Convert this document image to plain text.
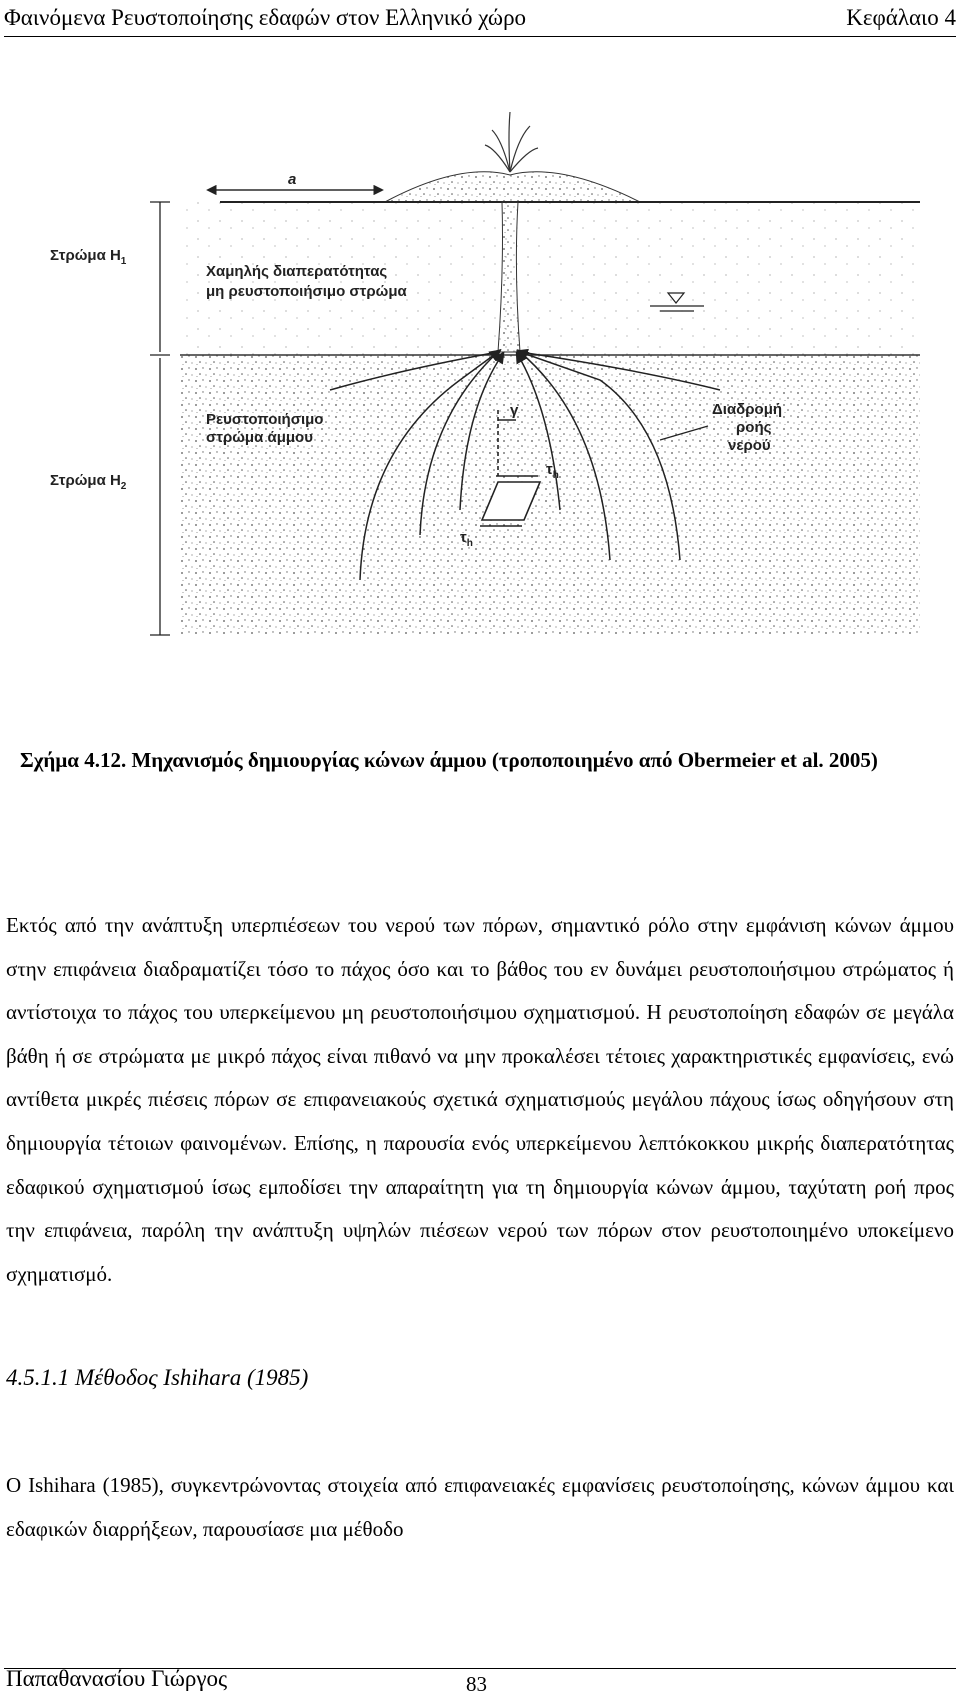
Φαινόμενα Ρευστοποίησης εδαφών στον Ελληνικό χώρο	Κεφάλαιο 4
a
Στρώμα $H_1$
Στρώμα $H_2$
Χαμηλής διαπερατότητας
μη ρευστοποιήσιμο στρώμα
Ρευστοποιήσιμο
στρώμα άμμου
Διαδρομή
ροής
νερού
γ
$\tau_h$
$\tau_h$
Σχήμα 4.12. Μηχανισμός δημιουργίας κώνων άμμου (τροποποιημένο από Obermeier et al. 2005)

Εκτός από την ανάπτυξη υπερπιέσεων του νερού των πόρων, σημαντικό ρόλο στην εμφάνιση κώνων άμμου στην επιφάνεια διαδραματίζει τόσο το πάχος όσο και το βάθος του εν δυνάμει ρευστοποιήσιμου στρώματος ή αντίστοιχα το πάχος του υπερκείμενου μη ρευστοποιήσιμου σχηματισμού. Η ρευστοποίηση εδαφών σε μεγάλα βάθη ή σε στρώματα με μικρό πάχος είναι πιθανό να μην προκαλέσει τέτοιες χαρακτηριστικές εμφανίσεις, ενώ αντίθετα μικρές πιέσεις πόρων σε επιφανειακούς σχετικά σχηματισμούς μεγάλου πάχους ίσως οδηγήσουν στη δημιουργία τέτοιων φαινομένων. Επίσης, η παρουσία ενός υπερκείμενου λεπτόκοκκου μικρής διαπερατότητας εδαφικού σχηματισμού ίσως εμποδίσει την απαραίτητη για τη δημιουργία κώνων άμμου, ταχύτατη ροή προς την επιφάνεια, παρόλη την ανάπτυξη υψηλών πιέσεων νερού των πόρων στον ρευστοποιημένο υποκείμενο σχηματισμό.

4.5.1.1 Μέθοδος Ishihara (1985)

Ο Ishihara (1985), συγκεντρώνοντας στοιχεία από επιφανειακές εμφανίσεις ρευστοποίησης, κώνων άμμου και εδαφικών διαρρήξεων, παρουσίασε μια μέθοδο

Παπαθανασίου Γιώργος	83
